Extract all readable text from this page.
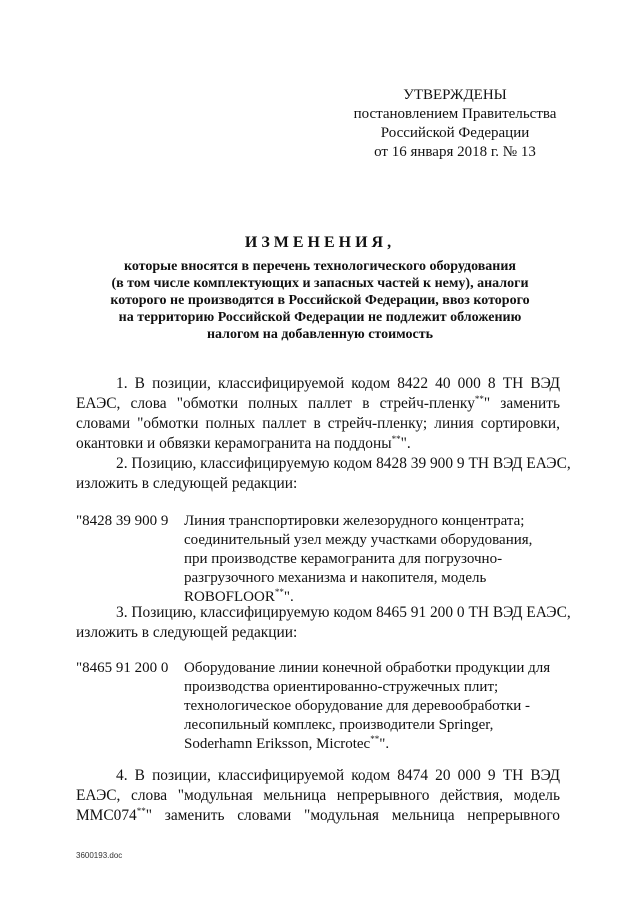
УТВЕРЖДЕНЫ
постановлением Правительства
Российской Федерации
от 16 января 2018 г. № 13
ИЗМЕНЕНИЯ,
которые вносятся в перечень технологического оборудования
(в том числе комплектующих и запасных частей к нему), аналоги
которого не производятся в Российской Федерации, ввоз которого
на территорию Российской Федерации не подлежит обложению
налогом на добавленную стоимость
1. В позиции, классифицируемой кодом 8422 40 000 8 ТН ВЭД
ЕАЭС, слова "обмотки полных паллет в стрейч-пленку**" заменить
словами "обмотки полных паллет в стрейч-пленку; линия сортировки,
окантовки и обвязки керамогранита на поддоны**".
2. Позицию, классифицируемую кодом 8428 39 900 9 ТН ВЭД ЕАЭС,
изложить в следующей редакции:
"8428 39 900 9 Линия транспортировки железорудного концентрата;
соединительный узел между участками оборудования,
при производстве керамогранита для погрузочно-
разгрузочного механизма и накопителя, модель
ROBOFLOOR**".
3. Позицию, классифицируемую кодом 8465 91 200 0 ТН ВЭД ЕАЭС,
изложить в следующей редакции:
"8465 91 200 0 Оборудование линии конечной обработки продукции для
производства ориентированно-стружечных плит;
технологическое оборудование для деревообработки -
лесопильный комплекс, производители Springer,
Soderhamn Eriksson, Microtec**".
4. В позиции, классифицируемой кодом 8474 20 000 9 ТН ВЭД
ЕАЭС, слова "модульная мельница непрерывного действия, модель
ММС074**" заменить словами "модульная мельница непрерывного
3600193.doc
